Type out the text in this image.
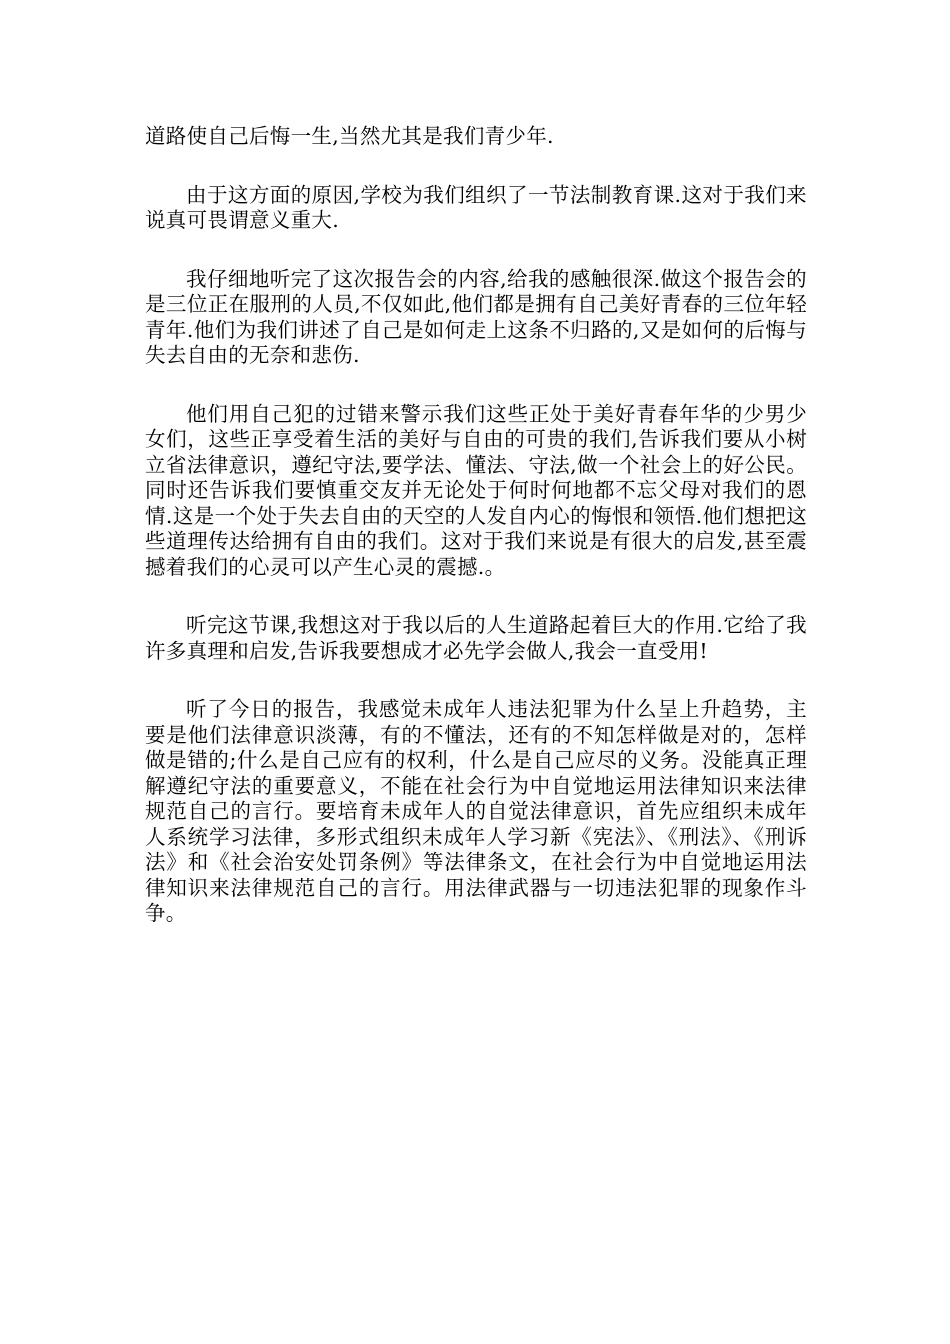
道路使自己后悔一生,当然尤其是我们青少年.

由于这方面的原因,学校为我们组织了一节法制教育课.这对于我们来说真可畏谓意义重大.

我仔细地听完了这次报告会的内容,给我的感触很深.做这个报告会的是三位正在服刑的人员,不仅如此,他们都是拥有自己美好青春的三位年轻青年.他们为我们讲述了自己是如何走上这条不归路的,又是如何的后悔与失去自由的无奈和悲伤.

他们用自己犯的过错来警示我们这些正处于美好青春年华的少男少女们，这些正享受着生活的美好与自由的可贵的我们,告诉我们要从小树立省法律意识，遵纪守法,要学法、懂法、守法,做一个社会上的好公民。同时还告诉我们要慎重交友并无论处于何时何地都不忘父母对我们的恩情.这是一个处于失去自由的天空的人发自内心的悔恨和领悟.他们想把这些道理传达给拥有自由的我们。这对于我们来说是有很大的启发,甚至震撼着我们的心灵可以产生心灵的震撼.。

听完这节课,我想这对于我以后的人生道路起着巨大的作用.它给了我许多真理和启发,告诉我要想成才必先学会做人,我会一直受用!

听了今日的报告，我感觉未成年人违法犯罪为什么呈上升趋势，主要是他们法律意识淡薄，有的不懂法，还有的不知怎样做是对的，怎样做是错的;什么是自己应有的权利，什么是自己应尽的义务。没能真正理解遵纪守法的重要意义，不能在社会行为中自觉地运用法律知识来法律规范自己的言行。要培育未成年人的自觉法律意识，首先应组织未成年人系统学习法律，多形式组织未成年人学习新《宪法》、《刑法》、《刑诉法》和《社会治安处罚条例》等法律条文，在社会行为中自觉地运用法律知识来法律规范自己的言行。用法律武器与一切违法犯罪的现象作斗争。
